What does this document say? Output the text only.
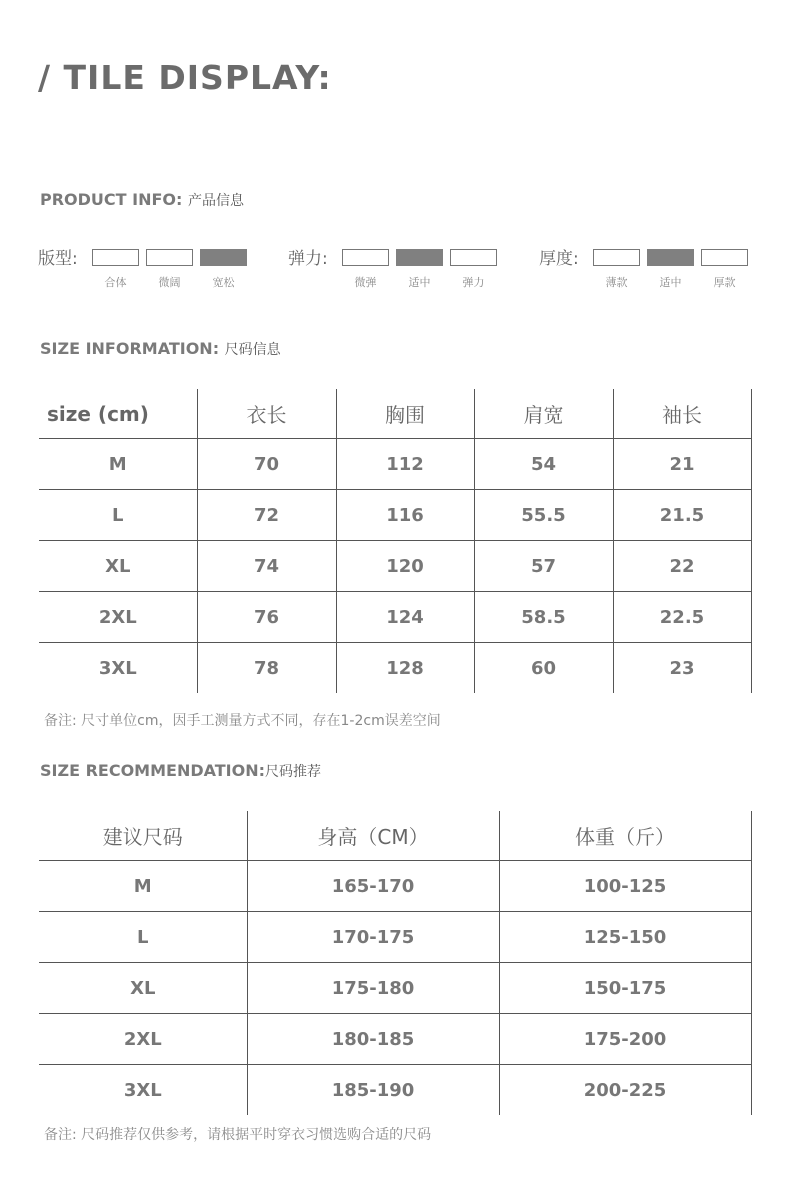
/ TILE DISPLAY:
PRODUCT INFO: 产品信息
版型:
合体	微阔	宽松
弹力:
微弹	适中	弹力
厚度:
薄款	适中	厚款
SIZE INFORMATION: 尺码信息
size (cm)	衣长	胸围	肩宽	袖长
M	70	112	54	21
L	72	116	55.5	21.5
XL	74	120	57	22
2XL	76	124	58.5	22.5
3XL	78	128	60	23
备注: 尺寸单位cm，因手工测量方式不同，存在1-2cm误差空间
SIZE RECOMMENDATION:尺码推荐
建议尺码	身高（CM）	体重（斤）
M	165-170	100-125
L	170-175	125-150
XL	175-180	150-175
2XL	180-185	175-200
3XL	185-190	200-225
备注: 尺码推荐仅供参考，请根据平时穿衣习惯选购合适的尺码
